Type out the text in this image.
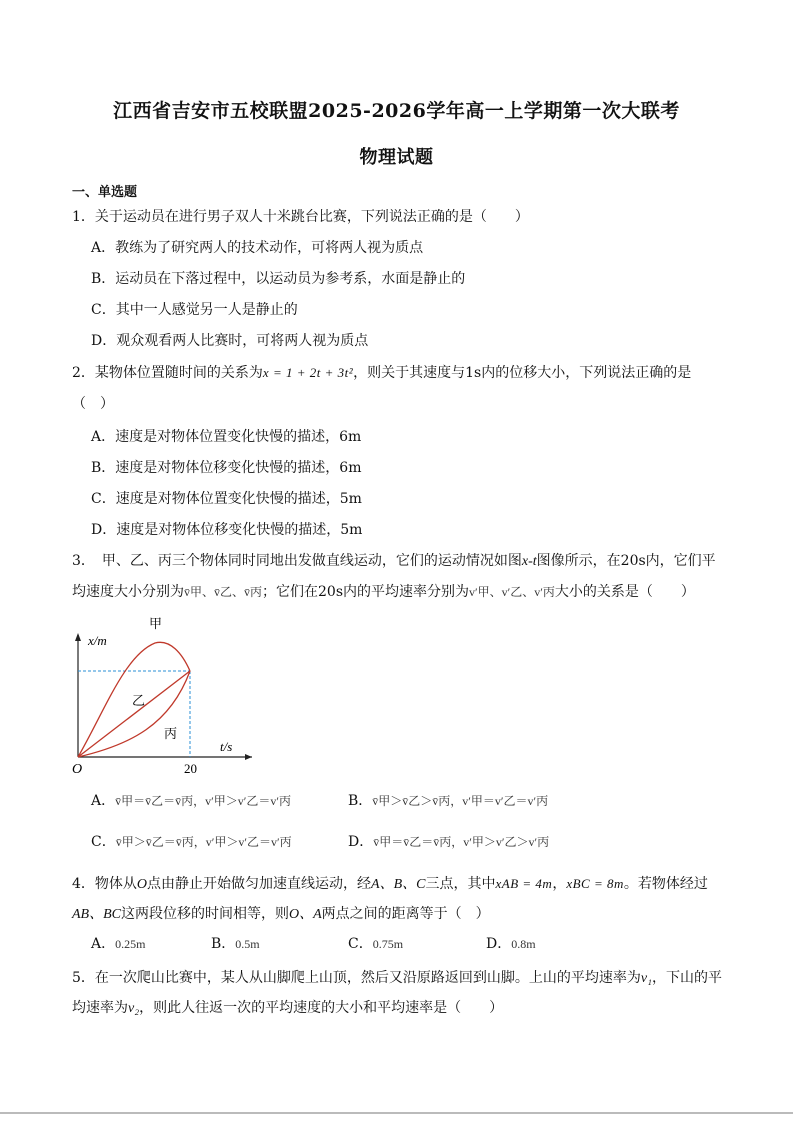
江西省吉安市五校联盟2025-2026学年高一上学期第一次大联考
物理试题
一、单选题
1．关于运动员在进行男子双人十米跳台比赛，下列说法正确的是（　　）
A．教练为了研究两人的技术动作，可将两人视为质点
B．运动员在下落过程中，以运动员为参考系，水面是静止的
C．其中一人感觉另一人是静止的
D．观众观看两人比赛时，可将两人视为质点
2．某物体位置随时间的关系为x = 1 + 2t + 3t²，则关于其速度与1s内的位移大小，下列说法正确的是
（　）
A．速度是对物体位置变化快慢的描述，6m
B．速度是对物体位移变化快慢的描述，6m
C．速度是对物体位置变化快慢的描述，5m
D．速度是对物体位移变化快慢的描述，5m
3．　甲、乙、丙三个物体同时同地出发做直线运动，它们的运动情况如图x-t图像所示，在20s内，它们平
均速度大小分别为v̄甲、v̄乙、v̄丙；它们在20s内的平均速率分别为v′甲、v′乙、v′丙大小的关系是（　　）
甲
乙
丙
x/m
t/s
O	20
A．v̄甲＝v̄乙＝v̄丙，v′甲＞v′乙＝v′丙	B．v̄甲＞v̄乙＞v̄丙，v′甲＝v′乙＝v′丙
C．v̄甲＞v̄乙＝v̄丙，v′甲＞v′乙＝v′丙	D．v̄甲＝v̄乙＝v̄丙，v′甲＞v′乙＞v′丙
4．物体从O点由静止开始做匀加速直线运动，经A、B、C三点，其中xAB = 4m，xBC = 8m。若物体经过
AB、BC这两段位移的时间相等，则O、A两点之间的距离等于（　）
A．0.25m	B．0.5m	C．0.75m	D．0.8m
5．在一次爬山比赛中，某人从山脚爬上山顶，然后又沿原路返回到山脚。上山的平均速率为v₁，下山的平
均速率为v₂，则此人往返一次的平均速度的大小和平均速率是（　　）
